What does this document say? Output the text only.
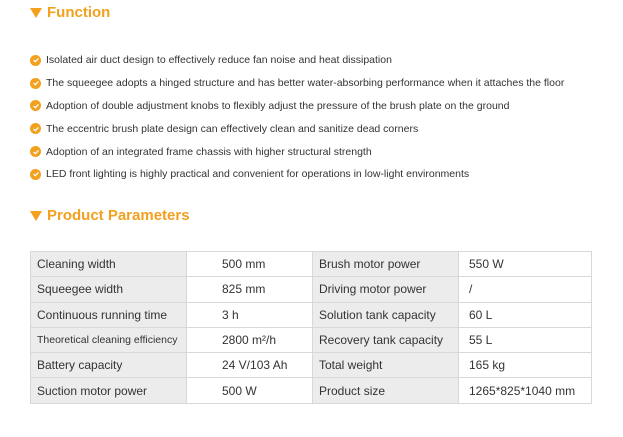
Function
Isolated air duct design to effectively reduce fan noise and heat dissipation
The squeegee adopts a hinged structure and has better water-absorbing performance when it attaches the floor
Adoption of double adjustment knobs to flexibly adjust the pressure of the brush plate on the ground
The eccentric brush plate design can effectively clean and sanitize dead corners
Adoption of an integrated frame chassis with higher structural strength
LED front lighting is highly practical and convenient for operations in low-light environments
Product Parameters
Cleaning width	500 mm	Brush motor power	550 W
Squeegee width	825 mm	Driving motor power	/
Continuous running time	3 h	Solution tank capacity	60 L
Theoretical cleaning efficiency	2800 m²/h	Recovery tank capacity	55 L
Battery capacity	24 V/103 Ah	Total weight	165 kg
Suction motor power	500 W	Product size	1265*825*1040 mm
